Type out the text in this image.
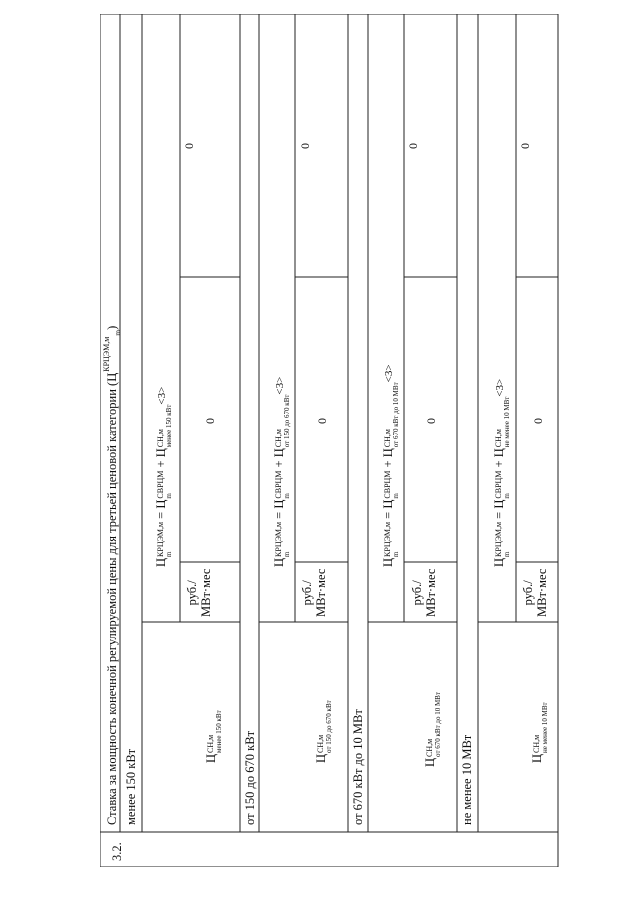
3.2.
Ставка за мощность конечной регулируемой цены для третьей ценовой категории $(Ц^{КРЦЭМ,м}_m)$
менее 150 кВт
Ц
КРЦЭМ,м m
= Ц
СВРЦМ m
+ Ц
СН,м менее 150 кВт
<3>
Ц
СН,м менее 150 кВт
руб./ МВт·мес
0
0
от 150 до 670 кВт
Ц
КРЦЭМ,м m
= Ц
СВРЦМ m
+ Ц
СН,м от 150 до 670 кВт
<3>
Ц
СН,м от 150 до 670 кВт
руб./ МВт·мес
0
0
от 670 кВт до 10 МВт
Ц
КРЦЭМ,м m
= Ц
СВРЦМ m
+ Ц
СН,м от 670 кВт до 10 МВт
<3>
Ц
СН,м от 670 кВт до 10 МВт
руб./ МВт·мес
0
0
не менее 10 МВт
Ц
КРЦЭМ,м m
= Ц
СВРЦМ m
+ Ц
СН,м не менее 10 МВт
<3>
Ц
СН,м не менее 10 МВт
руб./ МВт·мес
0
0
